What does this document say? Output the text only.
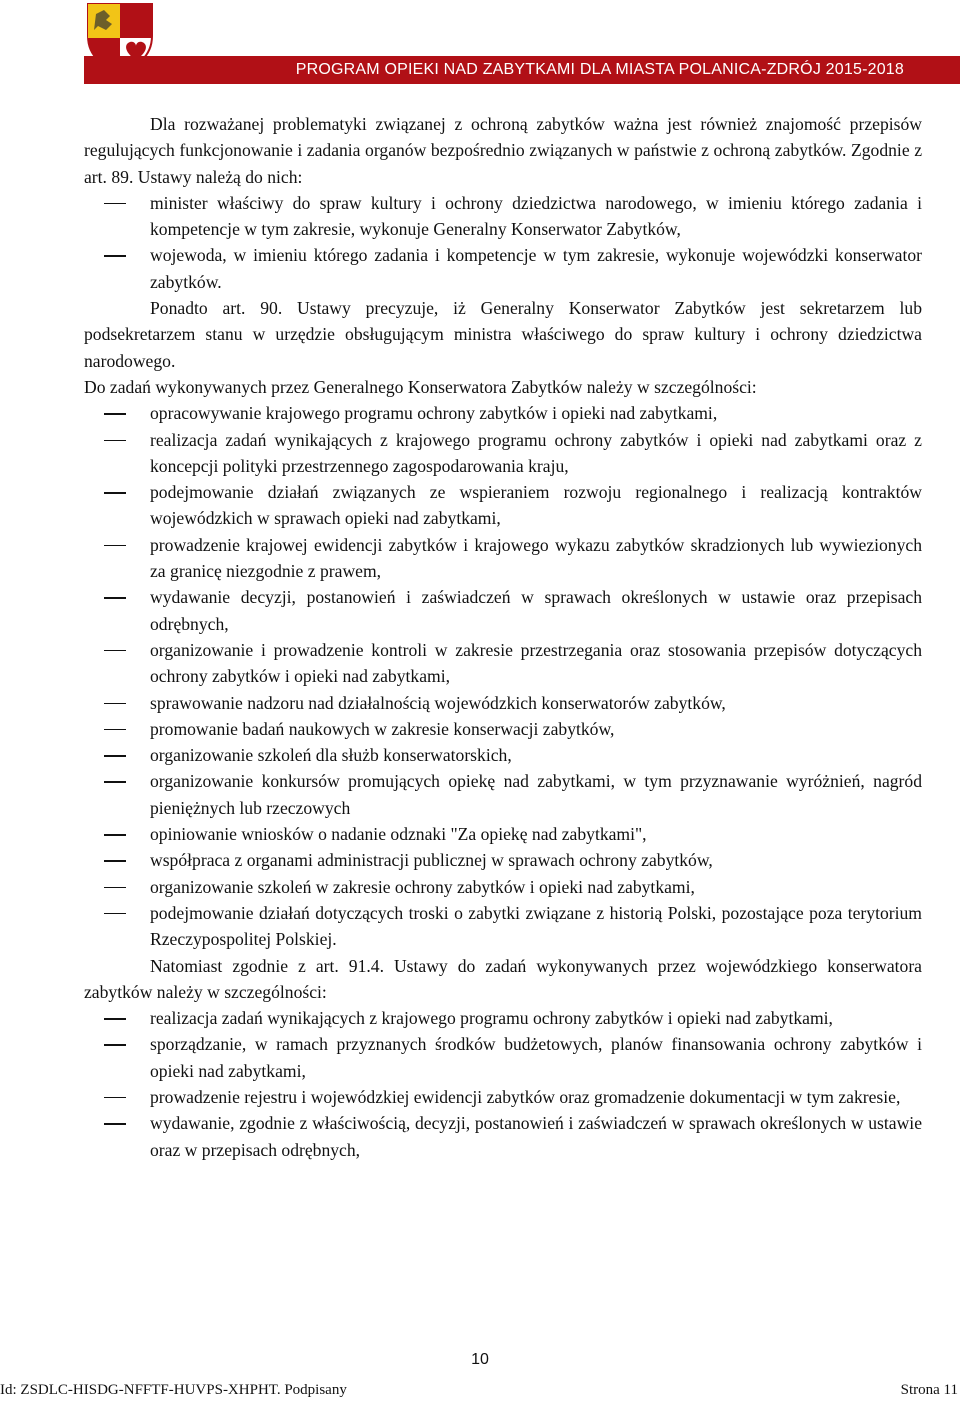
PROGRAM OPIEKI NAD ZABYTKAMI DLA MIASTA POLANICA-ZDRÓJ 2015-2018

Dla rozważanej problematyki związanej z ochroną zabytków ważna jest również znajomość przepisów regulujących funkcjonowanie i zadania organów bezpośrednio związanych w państwie z ochroną zabytków. Zgodnie z art. 89. Ustawy należą do nich:

minister właściwy do spraw kultury i ochrony dziedzictwa narodowego, w imieniu którego zadania i kompetencje w tym zakresie, wykonuje Generalny Konserwator Zabytków,
wojewoda, w imieniu którego zadania i kompetencje w tym zakresie, wykonuje wojewódzki konserwator zabytków.

Ponadto art. 90. Ustawy precyzuje, iż Generalny Konserwator Zabytków jest sekretarzem lub podsekretarzem stanu w urzędzie obsługującym ministra właściwego do spraw kultury i ochrony dziedzictwa narodowego.

Do zadań wykonywanych przez Generalnego Konserwatora Zabytków należy w szczególności:

opracowywanie krajowego programu ochrony zabytków i opieki nad zabytkami,
realizacja zadań wynikających z krajowego programu ochrony zabytków i opieki nad zabytkami oraz z koncepcji polityki przestrzennego zagospodarowania kraju,
podejmowanie działań związanych ze wspieraniem rozwoju regionalnego i realizacją kontraktów wojewódzkich w sprawach opieki nad zabytkami,
prowadzenie krajowej ewidencji zabytków i krajowego wykazu zabytków skradzionych lub wywiezionych za granicę niezgodnie z prawem,
wydawanie decyzji, postanowień i zaświadczeń w sprawach określonych w ustawie oraz przepisach odrębnych,
organizowanie i prowadzenie kontroli w zakresie przestrzegania oraz stosowania przepisów dotyczących ochrony zabytków i opieki nad zabytkami,
sprawowanie nadzoru nad działalnością wojewódzkich konserwatorów zabytków,
promowanie badań naukowych w zakresie konserwacji zabytków,
organizowanie szkoleń dla służb konserwatorskich,
organizowanie konkursów promujących opiekę nad zabytkami, w tym przyznawanie wyróżnień, nagród pieniężnych lub rzeczowych
opiniowanie wniosków o nadanie odznaki "Za opiekę nad zabytkami",
współpraca z organami administracji publicznej w sprawach ochrony zabytków,
organizowanie szkoleń w zakresie ochrony zabytków i opieki nad zabytkami,
podejmowanie działań dotyczących troski o zabytki związane z historią Polski, pozostające poza terytorium Rzeczypospolitej Polskiej.

Natomiast zgodnie z art. 91.4. Ustawy do zadań wykonywanych przez wojewódzkiego konserwatora zabytków należy w szczególności:

realizacja zadań wynikających z krajowego programu ochrony zabytków i opieki nad zabytkami,
sporządzanie, w ramach przyznanych środków budżetowych, planów finansowania ochrony zabytków i opieki nad zabytkami,
prowadzenie rejestru i wojewódzkiej ewidencji zabytków oraz gromadzenie dokumentacji w tym zakresie,
wydawanie, zgodnie z właściwością, decyzji, postanowień i zaświadczeń w sprawach określonych w ustawie oraz w przepisach odrębnych,
10
Id: ZSDLC-HISDG-NFFTF-HUVPS-XHPHT. Podpisany	Strona 11
